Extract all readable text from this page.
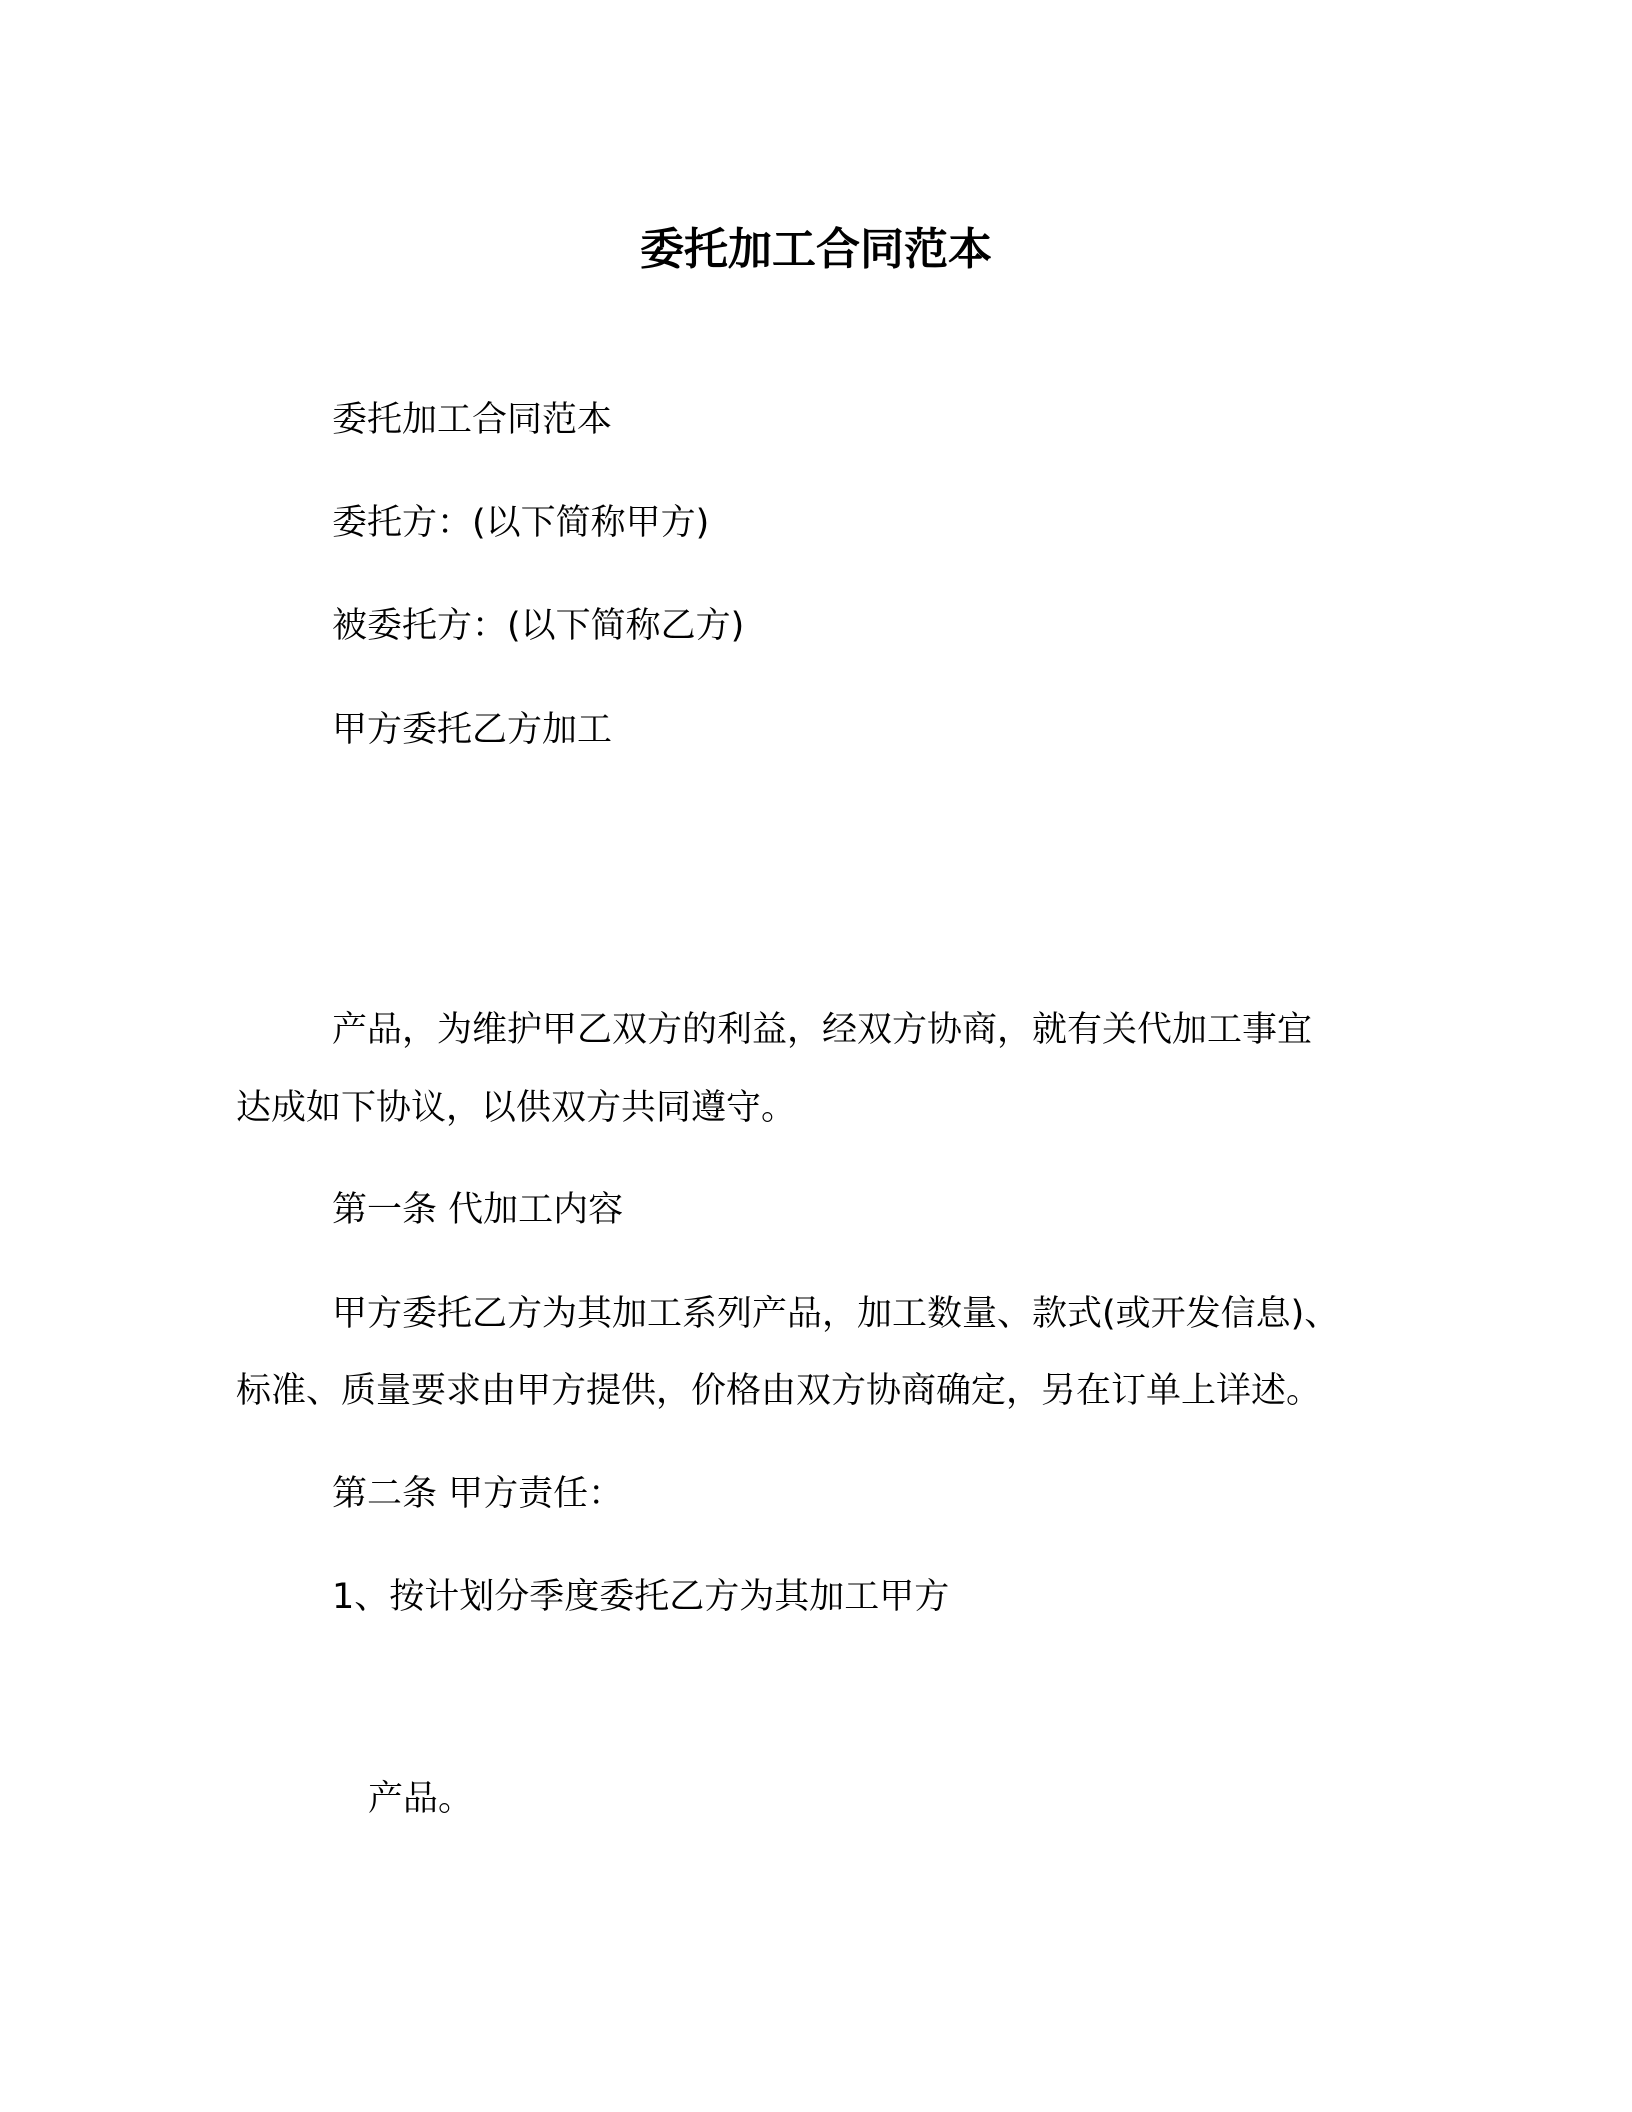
委托加工合同范本
委托加工合同范本
委托方：(以下简称甲方)
被委托方：(以下简称乙方)
甲方委托乙方加工
产品，为维护甲乙双方的利益，经双方协商，就有关代加工事宜
达成如下协议，以供双方共同遵守。
第一条 代加工内容
甲方委托乙方为其加工系列产品，加工数量、款式(或开发信息)、
标准、质量要求由甲方提供，价格由双方协商确定，另在订单上详述。
第二条 甲方责任：
1、按计划分季度委托乙方为其加工甲方
产品。
